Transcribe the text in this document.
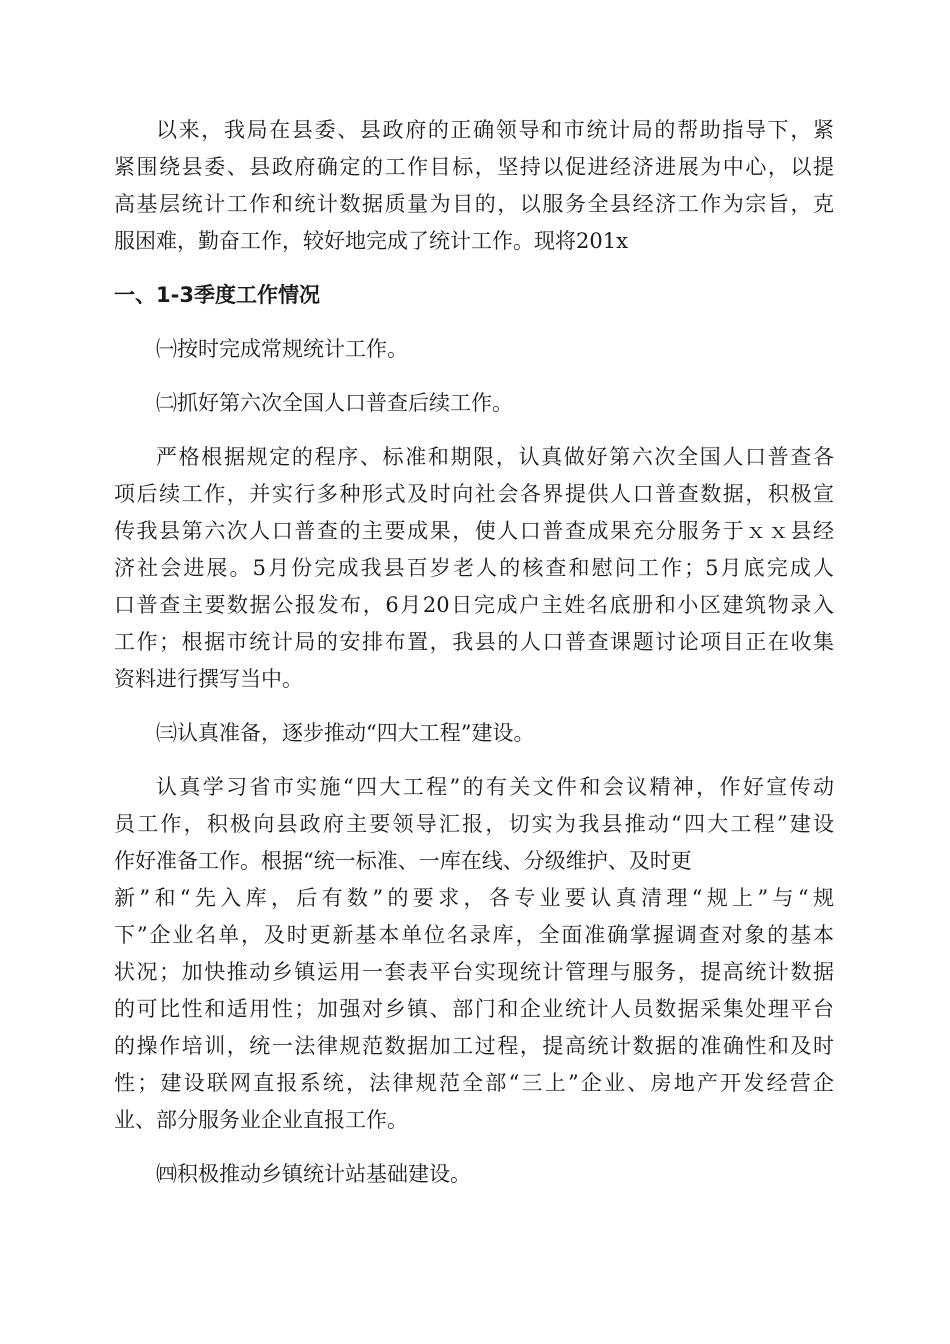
以来，我局在县委、县政府的正确领导和市统计局的帮助指导下，紧
紧围绕县委、县政府确定的工作目标，坚持以促进经济进展为中心，以提
高基层统计工作和统计数据质量为目的，以服务全县经济工作为宗旨，克
服困难，勤奋工作，较好地完成了统计工作。现将201x
一、1-3季度工作情况
㈠按时完成常规统计工作。
㈡抓好第六次全国人口普查后续工作。
严格根据规定的程序、标准和期限，认真做好第六次全国人口普查各
项后续工作，并实行多种形式及时向社会各界提供人口普查数据，积极宣
传我县第六次人口普查的主要成果，使人口普查成果充分服务于ｘｘ县经
济社会进展。5月份完成我县百岁老人的核查和慰问工作；5月底完成人
口普查主要数据公报发布，6月20日完成户主姓名底册和小区建筑物录入
工作；根据市统计局的安排布置，我县的人口普查课题讨论项目正在收集
资料进行撰写当中。
㈢认真准备，逐步推动“四大工程”建设。
认真学习省市实施“四大工程”的有关文件和会议精神，作好宣传动
员工作，积极向县政府主要领导汇报，切实为我县推动“四大工程”建设
作好准备工作。根据“统一标准、一库在线、分级维护、及时更
新”和“先入库，后有数”的要求，各专业要认真清理“规上”与“规
下”企业名单，及时更新基本单位名录库，全面准确掌握调查对象的基本
状况；加快推动乡镇运用一套表平台实现统计管理与服务，提高统计数据
的可比性和适用性；加强对乡镇、部门和企业统计人员数据采集处理平台
的操作培训，统一法律规范数据加工过程，提高统计数据的准确性和及时
性；建设联网直报系统，法律规范全部“三上”企业、房地产开发经营企
业、部分服务业企业直报工作。
㈣积极推动乡镇统计站基础建设。
